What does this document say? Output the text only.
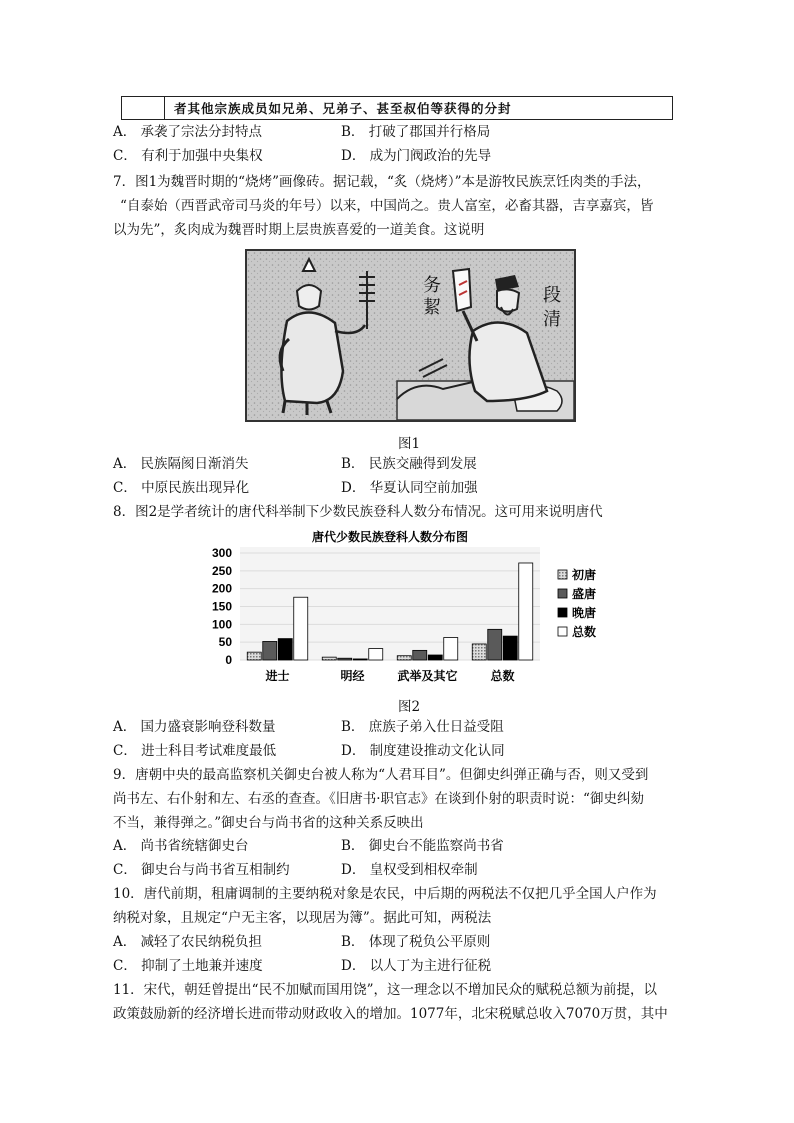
者其他宗族成员如兄弟、兄弟子、甚至叔伯等获得的分封
A． 承袭了宗法分封特点	B． 打破了郡国并行格局
C． 有利于加强中央集权	D． 成为门阀政治的先导
7．图1为魏晋时期的“烧烤”画像砖。据记载，“炙（烧烤）”本是游牧民族烹饪肉类的手法，
“自泰始（西晋武帝司马炎的年号）以来，中国尚之。贵人富室，必畜其器，吉享嘉宾，皆
以为先”，炙肉成为魏晋时期上层贵族喜爱的一道美食。这说明
务
絜
段
清
图1
A． 民族隔阂日渐消失	B． 民族交融得到发展
C． 中原民族出现异化	D． 华夏认同空前加强
8．图2是学者统计的唐代科举制下少数民族登科人数分布情况。这可用来说明唐代
唐代少数民族登科人数分布图
0
50
100
150
200
250
300
进士	明经	武举及其它	总数
初唐
盛唐
晚唐
总数
图2
A． 国力盛衰影响登科数量	B． 庶族子弟入仕日益受阻
C． 进士科目考试难度最低	D． 制度建设推动文化认同
9．唐朝中央的最高监察机关御史台被人称为“人君耳目”。但御史纠弹正确与否，则又受到
尚书左、右仆射和左、右丞的查查。《旧唐书·职官志》在谈到仆射的职责时说：“御史纠劾
不当，兼得弹之。”御史台与尚书省的这种关系反映出
A． 尚书省统辖御史台	B． 御史台不能监察尚书省
C． 御史台与尚书省互相制约	D． 皇权受到相权牵制
10．唐代前期，租庸调制的主要纳税对象是农民，中后期的两税法不仅把几乎全国人户作为
纳税对象，且规定“户无主客，以现居为簿”。据此可知，两税法
A． 减轻了农民纳税负担	B． 体现了税负公平原则
C． 抑制了土地兼并速度	D． 以人丁为主进行征税
11．宋代，朝廷曾提出“民不加赋而国用饶”，这一理念以不增加民众的赋税总额为前提，以
政策鼓励新的经济增长进而带动财政收入的增加。1077年，北宋税赋总收入7070万贯，其中
